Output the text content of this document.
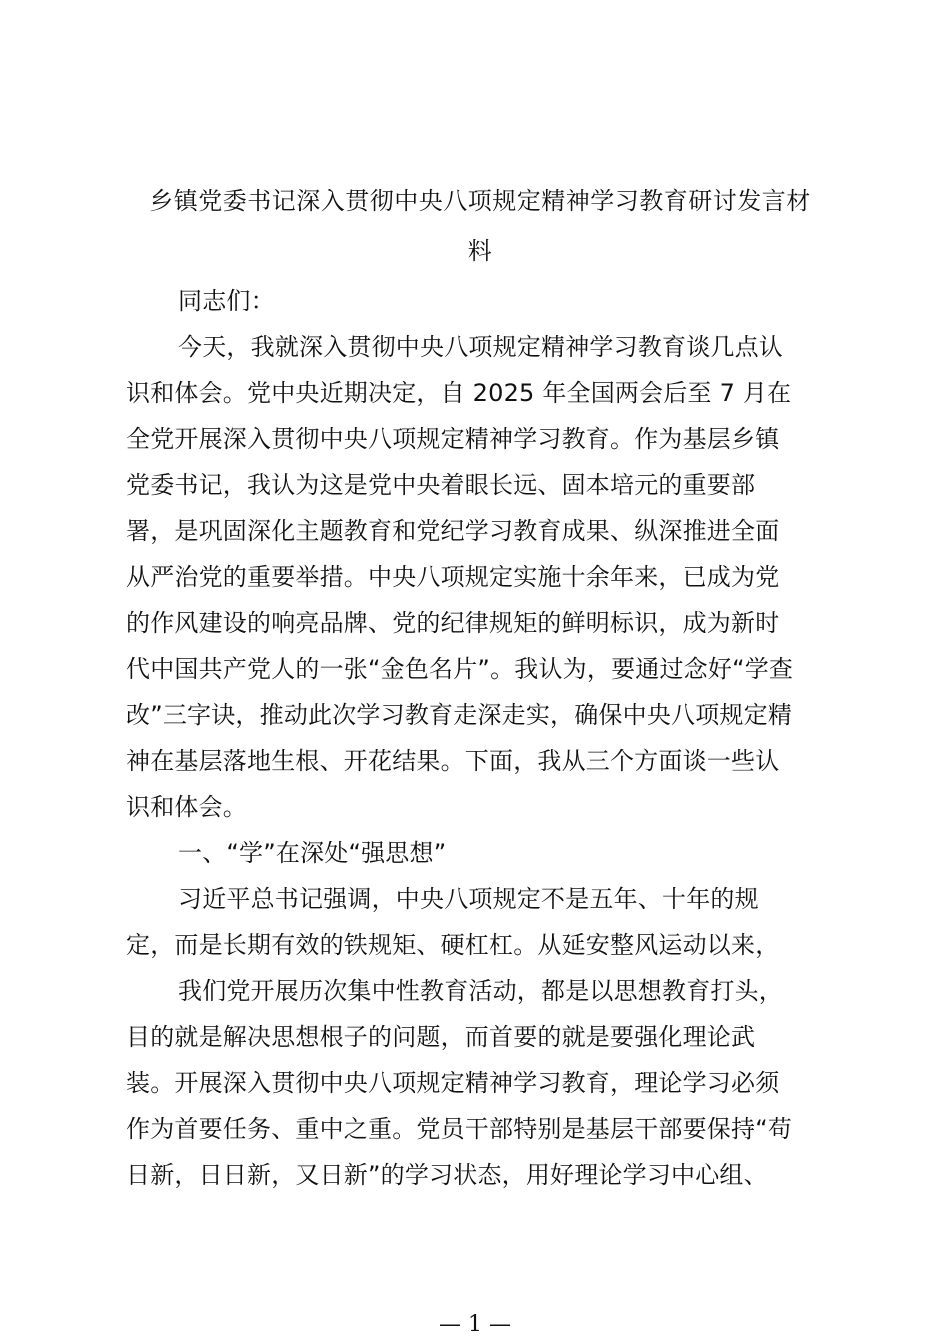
乡镇党委书记深入贯彻中央八项规定精神学习教育研讨发言材
料

同志们：

今天，我就深入贯彻中央八项规定精神学习教育谈几点认

识和体会。党中央近期决定，自 2025 年全国两会后至 7 月在

全党开展深入贯彻中央八项规定精神学习教育。作为基层乡镇

党委书记，我认为这是党中央着眼长远、固本培元的重要部

署，是巩固深化主题教育和党纪学习教育成果、纵深推进全面

从严治党的重要举措。中央八项规定实施十余年来，已成为党

的作风建设的响亮品牌、党的纪律规矩的鲜明标识，成为新时

代中国共产党人的一张“金色名片”。我认为，要通过念好“学查

改”三字诀，推动此次学习教育走深走实，确保中央八项规定精

神在基层落地生根、开花结果。下面，我从三个方面谈一些认

识和体会。

一、“学”在深处“强思想”

习近平总书记强调，中央八项规定不是五年、十年的规

定，而是长期有效的铁规矩、硬杠杠。从延安整风运动以来，

我们党开展历次集中性教育活动，都是以思想教育打头，

目的就是解决思想根子的问题，而首要的就是要强化理论武

装。开展深入贯彻中央八项规定精神学习教育，理论学习必须

作为首要任务、重中之重。党员干部特别是基层干部要保持“苟

日新，日日新，又日新”的学习状态，用好理论学习中心组、

— 1 —
